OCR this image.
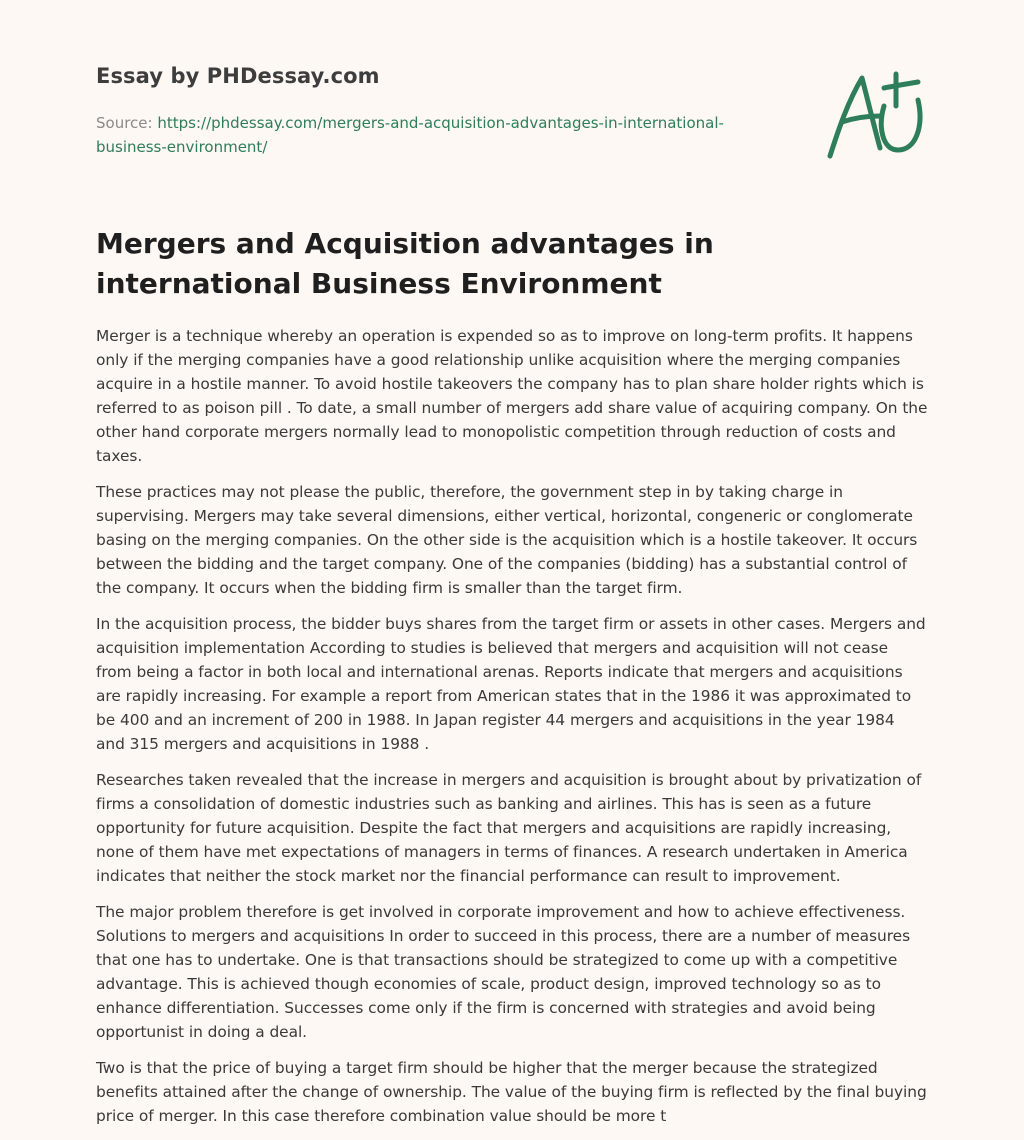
Essay by PHDessay.com

Source: https://phdessay.com/mergers-and-acquisition-advantages-in-international-business-environment/

Mergers and Acquisition advantages in international Business Environment

Merger is a technique whereby an operation is expended so as to improve on long-term profits. It happens only if the merging companies have a good relationship unlike acquisition where the merging companies acquire in a hostile manner. To avoid hostile takeovers the company has to plan share holder rights which is referred to as poison pill . To date, a small number of mergers add share value of acquiring company. On the other hand corporate mergers normally lead to monopolistic competition through reduction of costs and taxes.

These practices may not please the public, therefore, the government step in by taking charge in supervising. Mergers may take several dimensions, either vertical, horizontal, congeneric or conglomerate basing on the merging companies. On the other side is the acquisition which is a hostile takeover. It occurs between the bidding and the target company. One of the companies (bidding) has a substantial control of the company. It occurs when the bidding firm is smaller than the target firm.

In the acquisition process, the bidder buys shares from the target firm or assets in other cases. Mergers and acquisition implementation According to studies is believed that mergers and acquisition will not cease from being a factor in both local and international arenas. Reports indicate that mergers and acquisitions are rapidly increasing. For example a report from American states that in the 1986 it was approximated to be 400 and an increment of 200 in 1988. In Japan register 44 mergers and acquisitions in the year 1984 and 315 mergers and acquisitions in 1988 .

Researches taken revealed that the increase in mergers and acquisition is brought about by privatization of firms a consolidation of domestic industries such as banking and airlines. This has is seen as a future opportunity for future acquisition. Despite the fact that mergers and acquisitions are rapidly increasing, none of them have met expectations of managers in terms of finances. A research undertaken in America indicates that neither the stock market nor the financial performance can result to improvement.

The major problem therefore is get involved in corporate improvement and how to achieve effectiveness. Solutions to mergers and acquisitions In order to succeed in this process, there are a number of measures that one has to undertake. One is that transactions should be strategized to come up with a competitive advantage. This is achieved though economies of scale, product design, improved technology so as to enhance differentiation. Successes come only if the firm is concerned with strategies and avoid being opportunist in doing a deal.

Two is that the price of buying a target firm should be higher that the merger because the strategized benefits attained after the change of ownership. The value of the buying firm is reflected by the final buying price of merger. In this case therefore combination value should be more t
